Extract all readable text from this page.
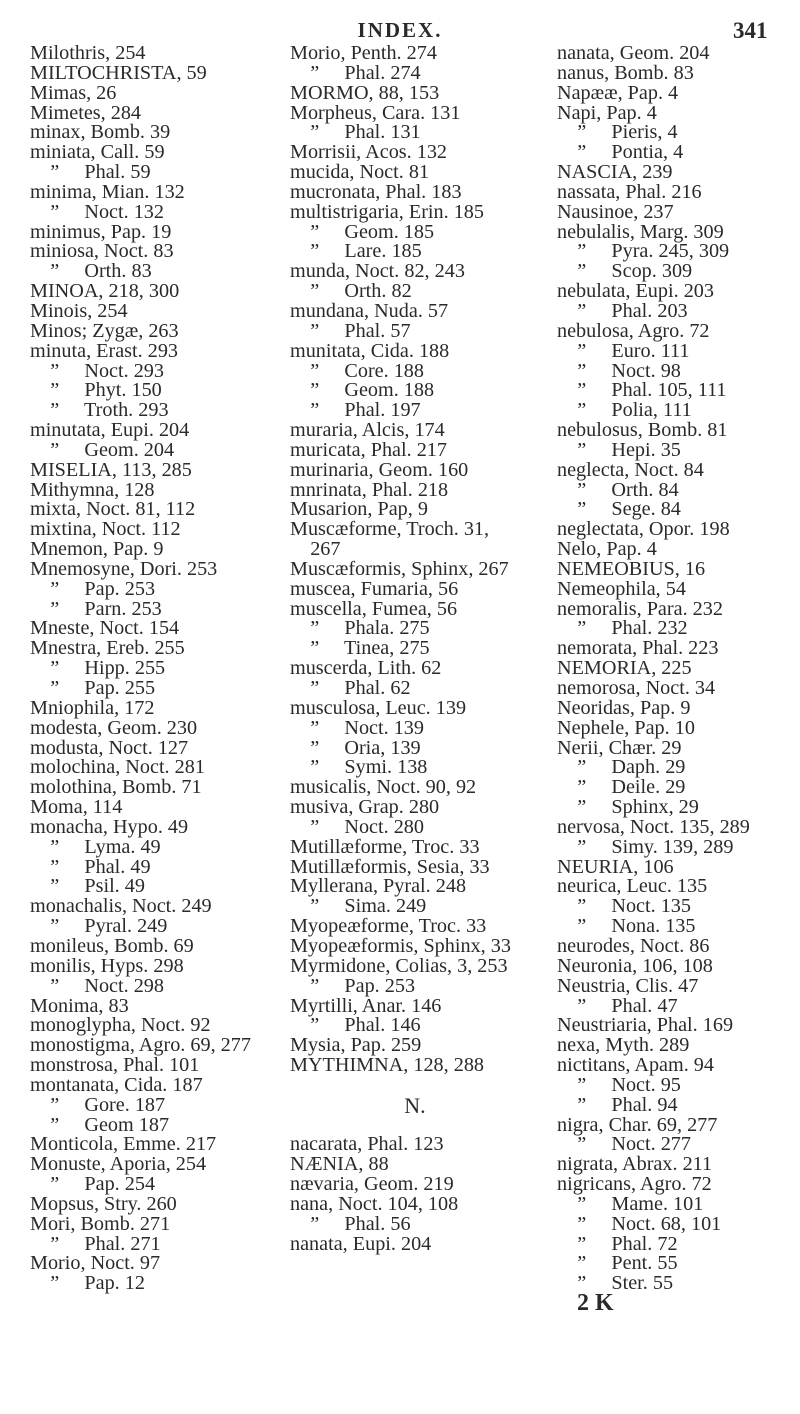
INDEX.	341
Milothris, 254
MILTOCHRISTA, 59
Mimas, 26
Mimetes, 284
minax, Bomb. 39
miniata, Call. 59
”     Phal. 59
minima, Mian. 132
”     Noct. 132
minimus, Pap. 19
miniosa, Noct. 83
”     Orth. 83
MINOA, 218, 300
Minois, 254
Minos; Zygæ, 263
minuta, Erast. 293
”     Noct. 293
”     Phyt. 150
”     Troth. 293
minutata, Eupi. 204
”     Geom. 204
MISELIA, 113, 285
Mithymna, 128
mixta, Noct. 81, 112
mixtina, Noct. 112
Mnemon, Pap. 9
Mnemosyne, Dori. 253
”     Pap. 253
”     Parn. 253
Mneste, Noct. 154
Mnestra, Ereb. 255
”     Hipp. 255
”     Pap. 255
Mniophila, 172
modesta, Geom. 230
modusta, Noct. 127
molochina, Noct. 281
molothina, Bomb. 71
Moma, 114
monacha, Hypo. 49
”     Lyma. 49
”     Phal. 49
”     Psil. 49
monachalis, Noct. 249
”     Pyral. 249
monileus, Bomb. 69
monilis, Hyps. 298
”     Noct. 298
Monima, 83
monoglypha, Noct. 92
monostigma, Agro. 69, 277
monstrosa, Phal. 101
montanata, Cida. 187
”     Gore. 187
”     Geom 187
Monticola, Emme. 217
Monuste, Aporia, 254
”     Pap. 254
Mopsus, Stry. 260
Mori, Bomb. 271
”     Phal. 271
Morio, Noct. 97
”     Pap. 12
Morio, Penth. 274
”     Phal. 274
MORMO, 88, 153
Morpheus, Cara. 131
”     Phal. 131
Morrisii, Acos. 132
mucida, Noct. 81
mucronata, Phal. 183
multistrigaria, Erin. 185
”     Geom. 185
”     Lare. 185
munda, Noct. 82, 243
”     Orth. 82
mundana, Nuda. 57
”     Phal. 57
munitata, Cida. 188
”     Core. 188
”     Geom. 188
”     Phal. 197
muraria, Alcis, 174
muricata, Phal. 217
murinaria, Geom. 160
mnrinata, Phal. 218
Musarion, Pap, 9
Muscæforme, Troch. 31,
267
Muscæformis, Sphinx, 267
muscea, Fumaria, 56
muscella, Fumea, 56
”     Phala. 275
”     Tinea, 275
muscerda, Lith. 62
”     Phal. 62
musculosa, Leuc. 139
”     Noct. 139
”     Oria, 139
”     Symi. 138
musicalis, Noct. 90, 92
musiva, Grap. 280
”     Noct. 280
Mutillæforme, Troc. 33
Mutillæformis, Sesia, 33
Myllerana, Pyral. 248
”     Sima. 249
Myopeæforme, Troc. 33
Myopeæformis, Sphinx, 33
Myrmidone, Colias, 3, 253
”     Pap. 253
Myrtilli, Anar. 146
”     Phal. 146
Mysia, Pap. 259
MYTHIMNA, 128, 288
N.
nacarata, Phal. 123
NÆNIA, 88
nævaria, Geom. 219
nana, Noct. 104, 108
”     Phal. 56
nanata, Eupi. 204
nanata, Geom. 204
nanus, Bomb. 83
Napææ, Pap. 4
Napi, Pap. 4
”     Pieris, 4
”     Pontia, 4
NASCIA, 239
nassata, Phal. 216
Nausinoe, 237
nebulalis, Marg. 309
”     Pyra. 245, 309
”     Scop. 309
nebulata, Eupi. 203
”     Phal. 203
nebulosa, Agro. 72
”     Euro. 111
”     Noct. 98
”     Phal. 105, 111
”     Polia, 111
nebulosus, Bomb. 81
”     Hepi. 35
neglecta, Noct. 84
”     Orth. 84
”     Sege. 84
neglectata, Opor. 198
Nelo, Pap. 4
NEMEOBIUS, 16
Nemeophila, 54
nemoralis, Para. 232
”     Phal. 232
nemorata, Phal. 223
NEMORIA, 225
nemorosa, Noct. 34
Neoridas, Pap. 9
Nephele, Pap. 10
Nerii, Chær. 29
”     Daph. 29
”     Deile. 29
”     Sphinx, 29
nervosa, Noct. 135, 289
”     Simy. 139, 289
NEURIA, 106
neurica, Leuc. 135
”     Noct. 135
”     Nona. 135
neurodes, Noct. 86
Neuronia, 106, 108
Neustria, Clis. 47
”     Phal. 47
Neustriaria, Phal. 169
nexa, Myth. 289
nictitans, Apam. 94
”     Noct. 95
”     Phal. 94
nigra, Char. 69, 277
”     Noct. 277
nigrata, Abrax. 211
nigricans, Agro. 72
”     Mame. 101
”     Noct. 68, 101
”     Phal. 72
”     Pent. 55
”     Ster. 55
2 K
